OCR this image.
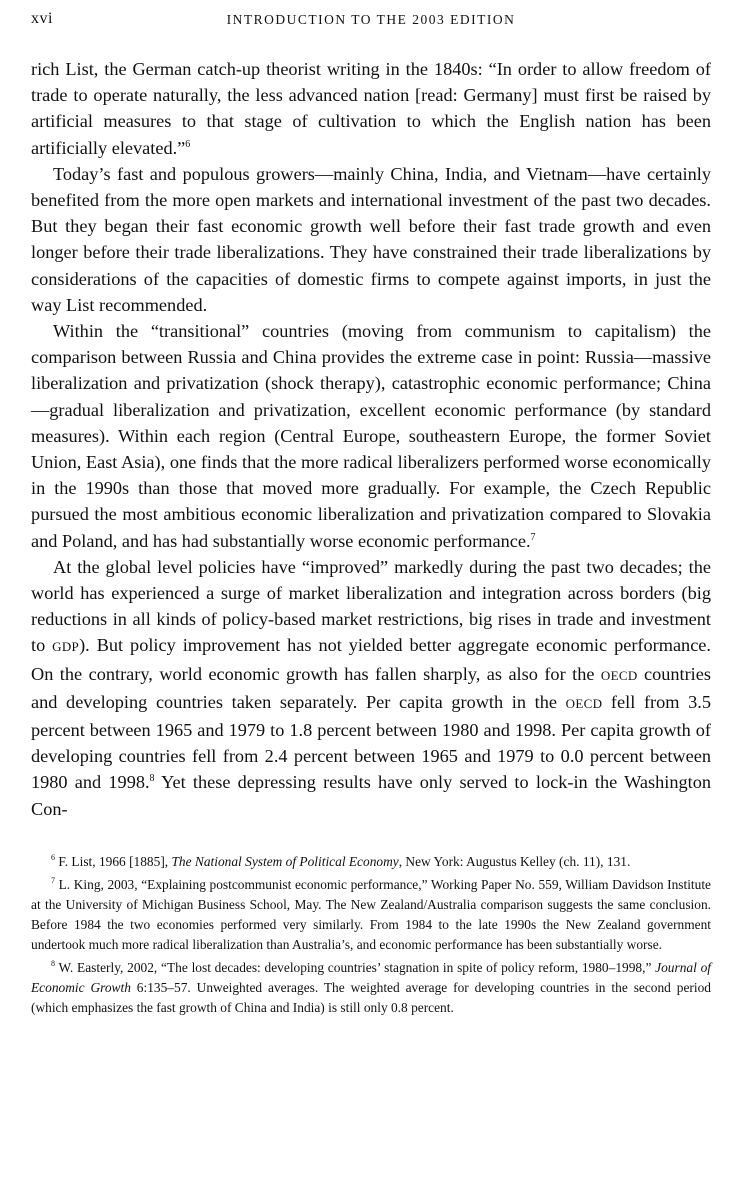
xvi	INTRODUCTION TO THE 2003 EDITION

rich List, the German catch-up theorist writing in the 1840s: “In order to allow freedom of trade to operate naturally, the less advanced nation [read: Germany] must first be raised by artificial measures to that stage of cultivation to which the English nation has been artificially elevated.”$^6$

Today’s fast and populous growers—mainly China, India, and Vietnam—have certainly benefited from the more open markets and international investment of the past two decades. But they began their fast economic growth well before their fast trade growth and even longer before their trade liberalizations. They have constrained their trade liberalizations by considerations of the capacities of domestic firms to compete against imports, in just the way List recommended.

Within the “transitional” countries (moving from communism to capitalism) the comparison between Russia and China provides the extreme case in point: Russia—massive liberalization and privatization (shock therapy), catastrophic economic performance; China—gradual liberalization and privatization, excellent economic performance (by standard measures). Within each region (Central Europe, southeastern Europe, the former Soviet Union, East Asia), one finds that the more radical liberalizers performed worse economically in the 1990s than those that moved more gradually. For example, the Czech Republic pursued the most ambitious economic liberalization and privatization compared to Slovakia and Poland, and has had substantially worse economic performance.$^7$

At the global level policies have “improved” markedly during the past two decades; the world has experienced a surge of market liberalization and integration across borders (big reductions in all kinds of policy-based market restrictions, big rises in trade and investment to GDP). But policy improvement has not yielded better aggregate economic performance. On the contrary, world economic growth has fallen sharply, as also for the OECD countries and developing countries taken separately. Per capita growth in the OECD fell from 3.5 percent between 1965 and 1979 to 1.8 percent between 1980 and 1998. Per capita growth of developing countries fell from 2.4 percent between 1965 and 1979 to 0.0 percent between 1980 and 1998.$^8$ Yet these depressing results have only served to lock-in the Washington Con-

$^6$ F. List, 1966 [1885], The National System of Political Economy, New York: Augustus Kelley (ch. 11), 131.

$^7$ L. King, 2003, “Explaining postcommunist economic performance,” Working Paper No. 559, William Davidson Institute at the University of Michigan Business School, May. The New Zealand/Australia comparison suggests the same conclusion. Before 1984 the two economies performed very similarly. From 1984 to the late 1990s the New Zealand government undertook much more radical liberalization than Australia’s, and economic performance has been substantially worse.

$^8$ W. Easterly, 2002, “The lost decades: developing countries’ stagnation in spite of policy reform, 1980–1998,” Journal of Economic Growth 6:135–57. Unweighted averages. The weighted average for developing countries in the second period (which emphasizes the fast growth of China and India) is still only 0.8 percent.
